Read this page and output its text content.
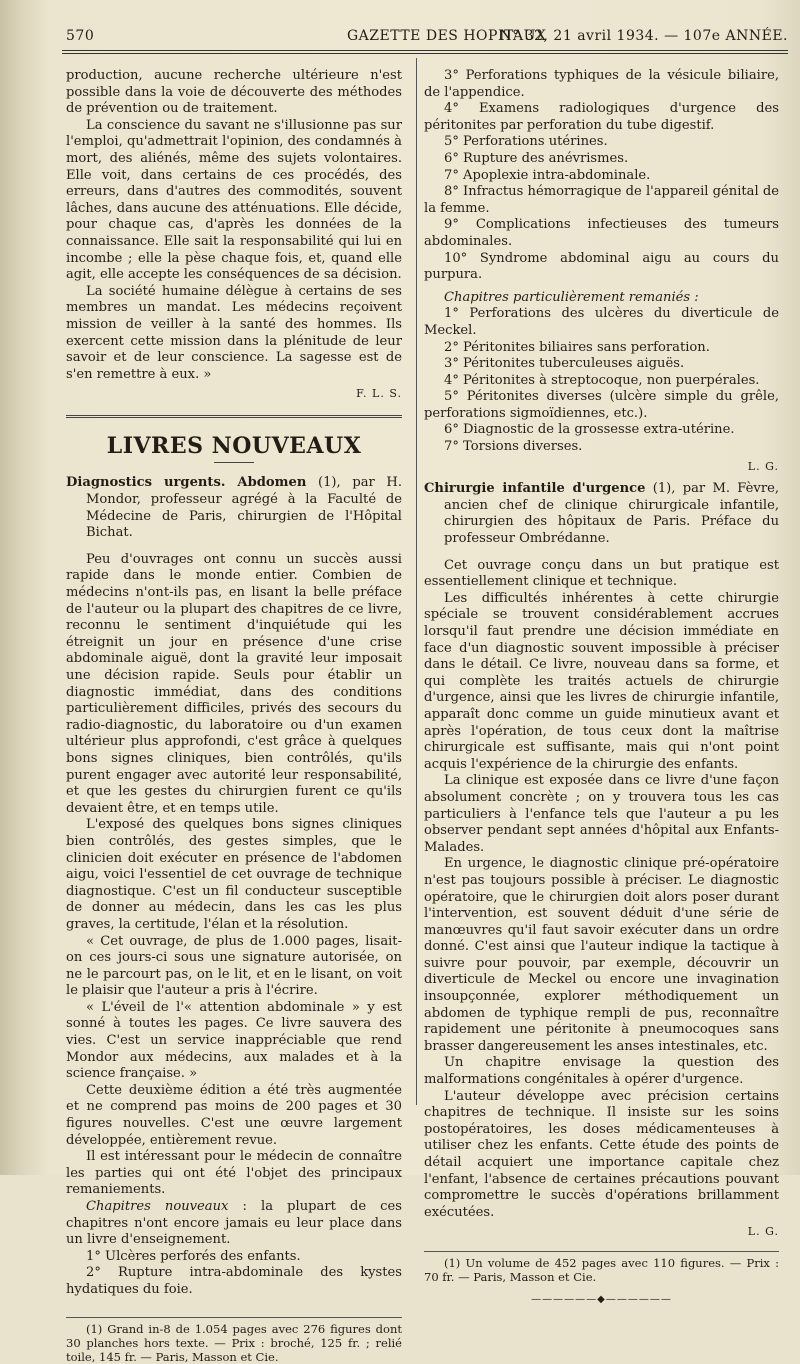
570	GAZETTE DES HOPITAUX
N° 32, 21 avril 1934. — 107e ANNÉE.

production, aucune recherche ultérieure n'est possible dans la voie de découverte des méthodes de prévention ou de traitement.

La conscience du savant ne s'illusionne pas sur l'emploi, qu'admettrait l'opinion, des condamnés à mort, des aliénés, même des sujets volontaires. Elle voit, dans certains de ces procédés, des erreurs, dans d'autres des commodités, souvent lâches, dans aucune des atténuations. Elle décide, pour chaque cas, d'après les données de la connaissance. Elle sait la responsabilité qui lui en incombe ; elle la pèse chaque fois, et, quand elle agit, elle accepte les conséquences de sa décision.

La société humaine délègue à certains de ses membres un mandat. Les médecins reçoivent mission de veiller à la santé des hommes. Ils exercent cette mission dans la plénitude de leur savoir et de leur conscience. La sagesse est de s'en remettre à eux. »

F. L. S.
LIVRES NOUVEAUX

Diagnostics urgents. Abdomen (1), par H. Mondor, professeur agrégé à la Faculté de Médecine de Paris, chirurgien de l'Hôpital Bichat.

Peu d'ouvrages ont connu un succès aussi rapide dans le monde entier. Combien de médecins n'ont-ils pas, en lisant la belle préface de l'auteur ou la plupart des chapitres de ce livre, reconnu le sentiment d'inquiétude qui les étreignit un jour en présence d'une crise abdominale aiguë, dont la gravité leur imposait une décision rapide. Seuls pour établir un diagnostic immédiat, dans des conditions particulièrement difficiles, privés des secours du radio-diagnostic, du laboratoire ou d'un examen ultérieur plus approfondi, c'est grâce à quelques bons signes cliniques, bien contrôlés, qu'ils purent engager avec autorité leur responsabilité, et que les gestes du chirurgien furent ce qu'ils devaient être, et en temps utile.

L'exposé des quelques bons signes cliniques bien contrôlés, des gestes simples, que le clinicien doit exécuter en présence de l'abdomen aigu, voici l'essentiel de cet ouvrage de technique diagnostique. C'est un fil conducteur susceptible de donner au médecin, dans les cas les plus graves, la certitude, l'élan et la résolution.

« Cet ouvrage, de plus de 1.000 pages, lisait-on ces jours-ci sous une signature autorisée, on ne le parcourt pas, on le lit, et en le lisant, on voit le plaisir que l'auteur a pris à l'écrire.

« L'éveil de l'« attention abdominale » y est sonné à toutes les pages. Ce livre sauvera des vies. C'est un service inappréciable que rend Mondor aux médecins, aux malades et à la science française. »

Cette deuxième édition a été très augmentée et ne comprend pas moins de 200 pages et 30 figures nouvelles. C'est une œuvre largement développée, entièrement revue.

Il est intéressant pour le médecin de connaître les parties qui ont été l'objet des principaux remaniements.

Chapitres nouveaux : la plupart de ces chapitres n'ont encore jamais eu leur place dans un livre d'enseignement.

1° Ulcères perforés des enfants.

2° Rupture intra-abdominale des kystes hydatiques du foie.

(1) Grand in-8 de 1.054 pages avec 276 figures dont 30 planches hors texte. — Prix : broché, 125 fr. ; relié toile, 145 fr. — Paris, Masson et Cie.

3° Perforations typhiques de la vésicule biliaire, de l'appendice.

4° Examens radiologiques d'urgence des péritonites par perforation du tube digestif.

5° Perforations utérines.

6° Rupture des anévrismes.

7° Apoplexie intra-abdominale.

8° Infractus hémorragique de l'appareil génital de la femme.

9° Complications infectieuses des tumeurs abdominales.

10° Syndrome abdominal aigu au cours du purpura.

Chapitres particulièrement remaniés :

1° Perforations des ulcères du diverticule de Meckel.

2° Péritonites biliaires sans perforation.

3° Péritonites tuberculeuses aiguës.

4° Péritonites à streptocoque, non puerpérales.

5° Péritonites diverses (ulcère simple du grêle, perforations sigmoïdiennes, etc.).

6° Diagnostic de la grossesse extra-utérine.

7° Torsions diverses.

L. G.

Chirurgie infantile d'urgence (1), par M. Fèvre, ancien chef de clinique chirurgicale infantile, chirurgien des hôpitaux de Paris. Préface du professeur Ombrédanne.

Cet ouvrage conçu dans un but pratique est essentiellement clinique et technique.

Les difficultés inhérentes à cette chirurgie spéciale se trouvent considérablement accrues lorsqu'il faut prendre une décision immédiate en face d'un diagnostic souvent impossible à préciser dans le détail. Ce livre, nouveau dans sa forme, et qui complète les traités actuels de chirurgie d'urgence, ainsi que les livres de chirurgie infantile, apparaît donc comme un guide minutieux avant et après l'opération, de tous ceux dont la maîtrise chirurgicale est suffisante, mais qui n'ont point acquis l'expérience de la chirurgie des enfants.

La clinique est exposée dans ce livre d'une façon absolument concrète ; on y trouvera tous les cas particuliers à l'enfance tels que l'auteur a pu les observer pendant sept années d'hôpital aux Enfants-Malades.

En urgence, le diagnostic clinique pré-opératoire n'est pas toujours possible à préciser. Le diagnostic opératoire, que le chirurgien doit alors poser durant l'intervention, est souvent déduit d'une série de manœuvres qu'il faut savoir exécuter dans un ordre donné. C'est ainsi que l'auteur indique la tactique à suivre pour pouvoir, par exemple, découvrir un diverticule de Meckel ou encore une invagination insoupçonnée, explorer méthodiquement un abdomen de typhique rempli de pus, reconnaître rapidement une péritonite à pneumocoques sans brasser dangereusement les anses intestinales, etc.

Un chapitre envisage la question des malformations congénitales à opérer d'urgence.

L'auteur développe avec précision certains chapitres de technique. Il insiste sur les soins postopératoires, les doses médicamenteuses à utiliser chez les enfants. Cette étude des points de détail acquiert une importance capitale chez l'enfant, l'absence de certaines précautions pouvant compromettre le succès d'opérations brillamment exécutées.

L. G.

(1) Un volume de 452 pages avec 110 figures. — Prix : 70 fr. — Paris, Masson et Cie.

——————◆——————
